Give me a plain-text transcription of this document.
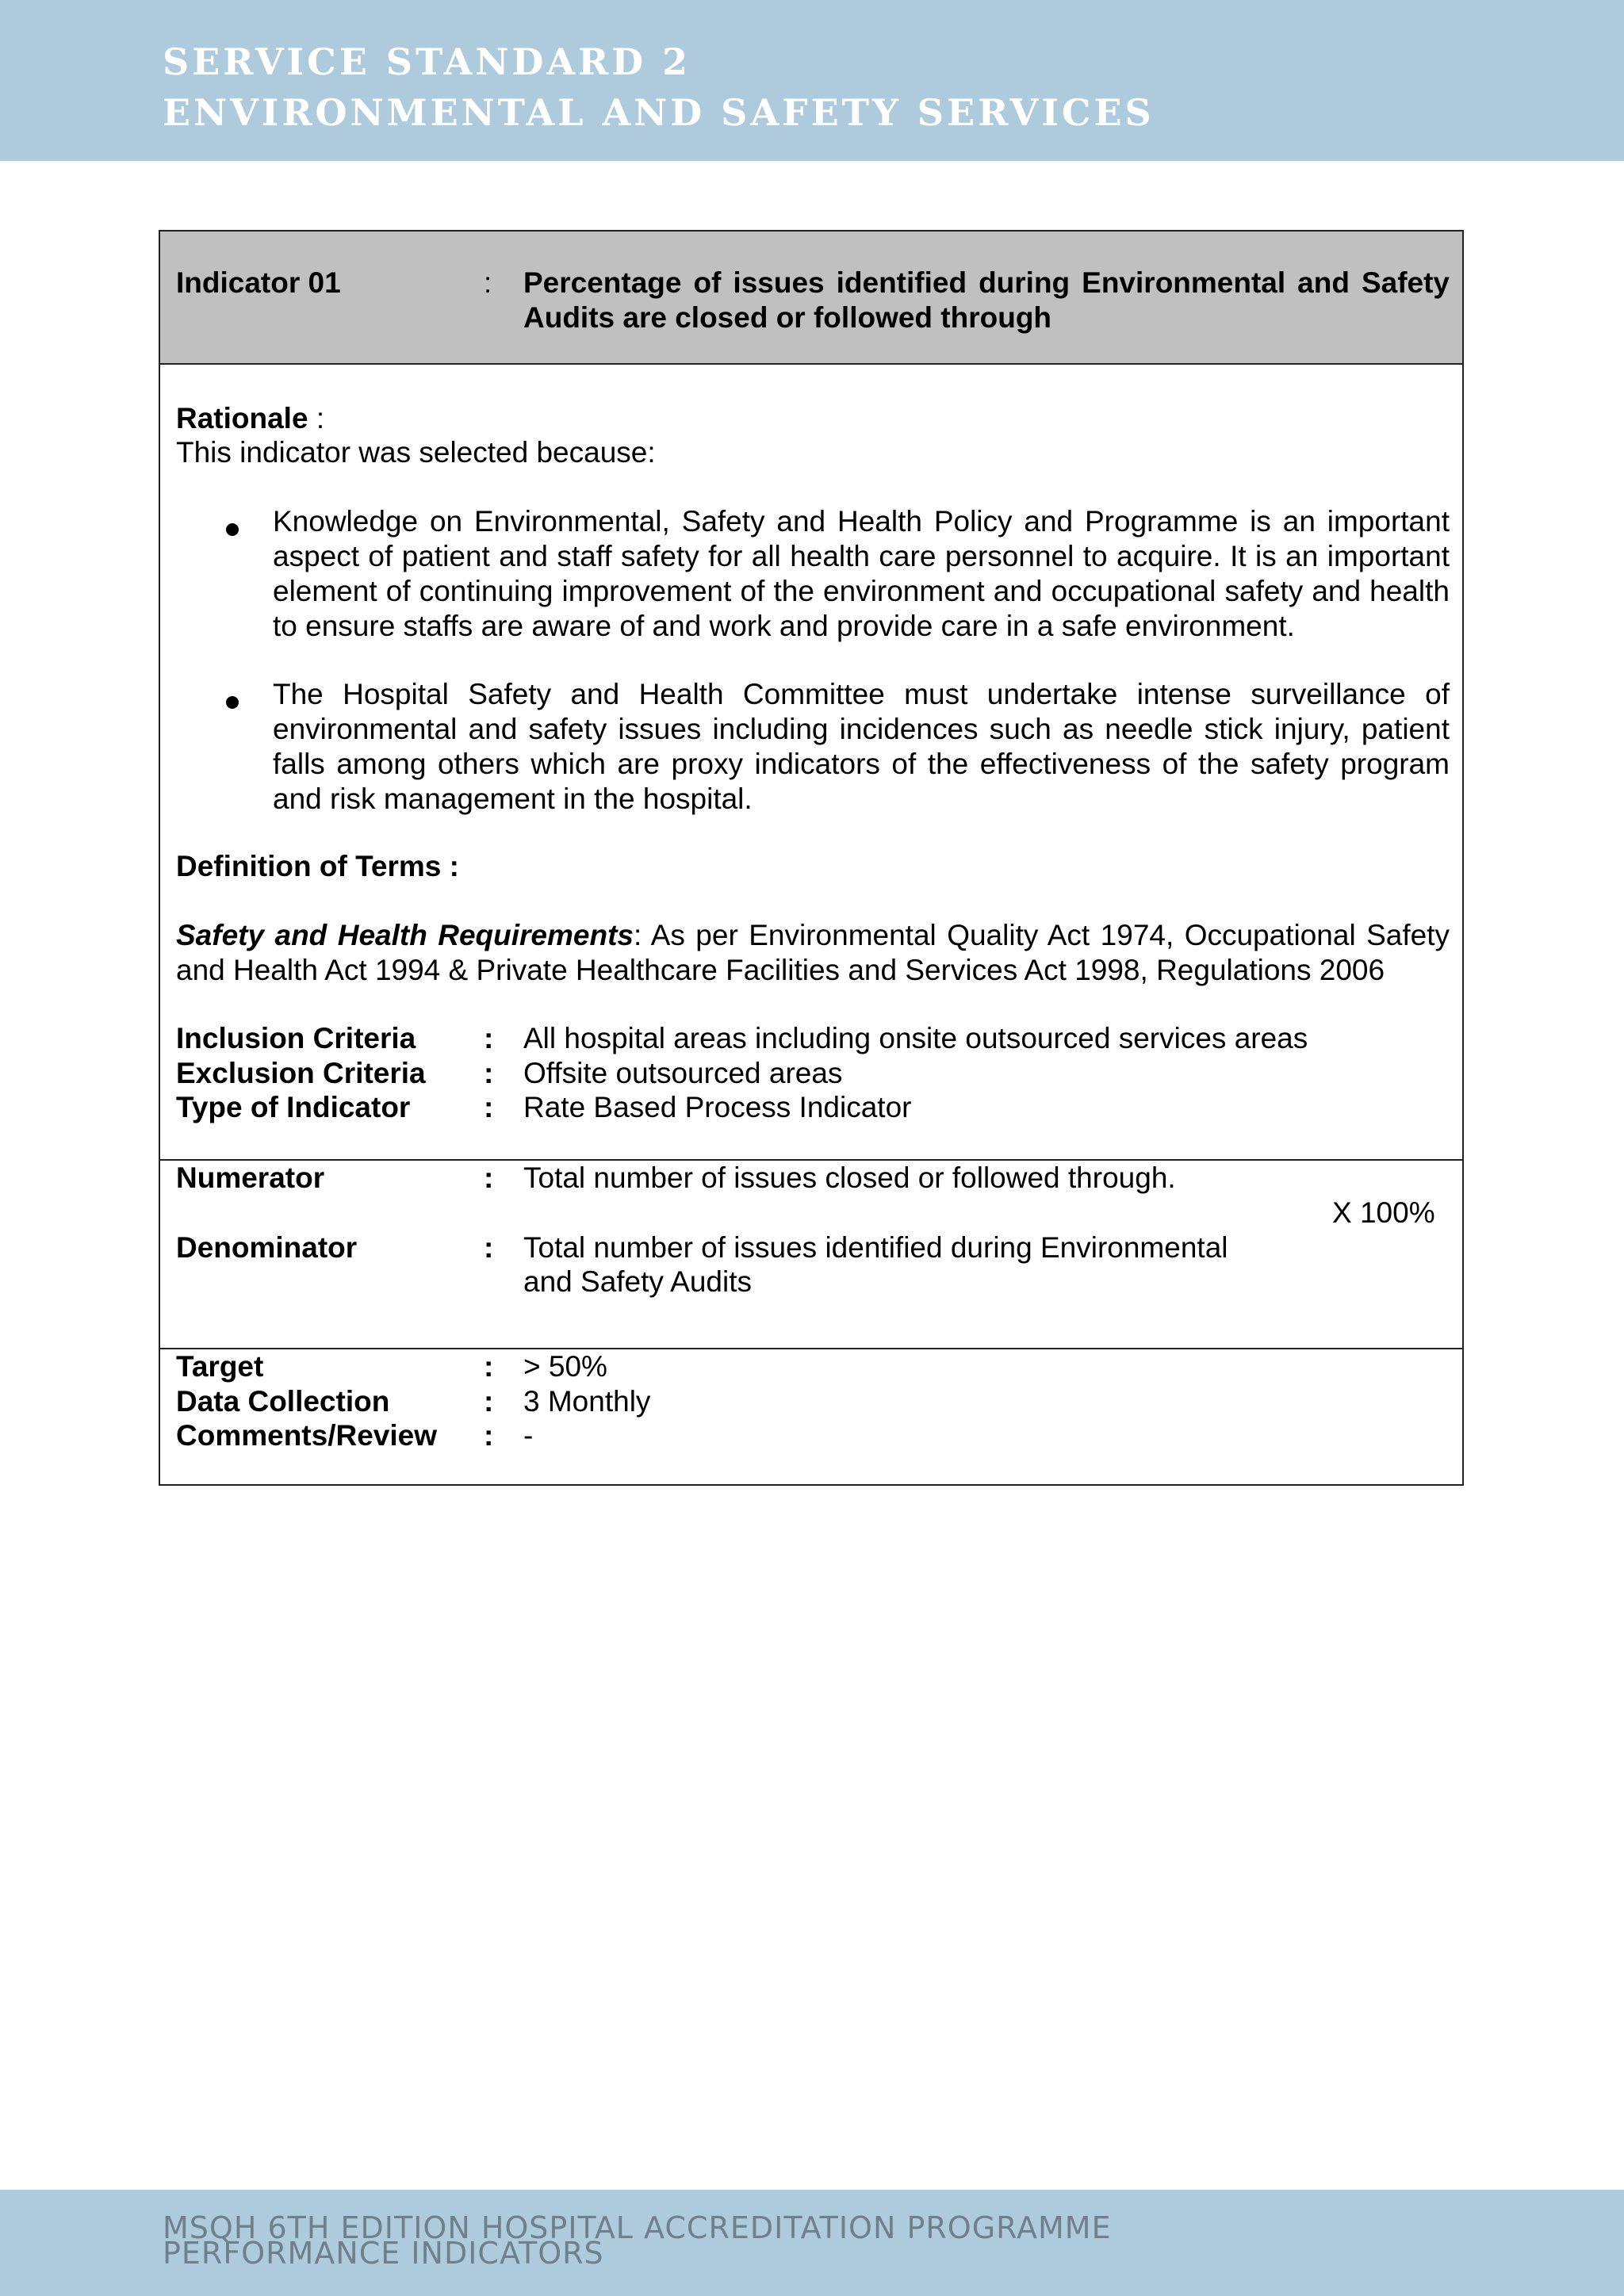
SERVICE STANDARD 2
ENVIRONMENTAL AND SAFETY SERVICES
Indicator 01	: Percentage of issues identified during Environmental and Safety
Audits are closed or followed through
Rationale :
This indicator was selected because:
Knowledge on Environmental, Safety and Health Policy and Programme is an important aspect of patient and staff safety for all health care personnel to acquire. It is an important element of continuing improvement of the environment and occupational safety and health to ensure staffs are aware of and work and provide care in a safe environment.
The Hospital Safety and Health Committee must undertake intense surveillance of environmental and safety issues including incidences such as needle stick injury, patient falls among others which are proxy indicators of the effectiveness of the safety program and risk management in the hospital.
Definition of Terms :
Safety and Health Requirements: As per Environmental Quality Act 1974, Occupational Safety and Health Act 1994 & Private Healthcare Facilities and Services Act 1998, Regulations 2006
Inclusion Criteria : All hospital areas including onsite outsourced services areas
Exclusion Criteria : Offsite outsourced areas
Type of Indicator	: Rate Based Process Indicator
Numerator	: Total number of issues closed or followed through.
X 100%
Denominator	: Total number of issues identified during Environmental
and Safety Audits
Target	: > 50%
Data Collection	: 3 Monthly
Comments/Review : -
MSQH 6TH EDITION HOSPITAL ACCREDITATION PROGRAMME
PERFORMANCE INDICATORS
